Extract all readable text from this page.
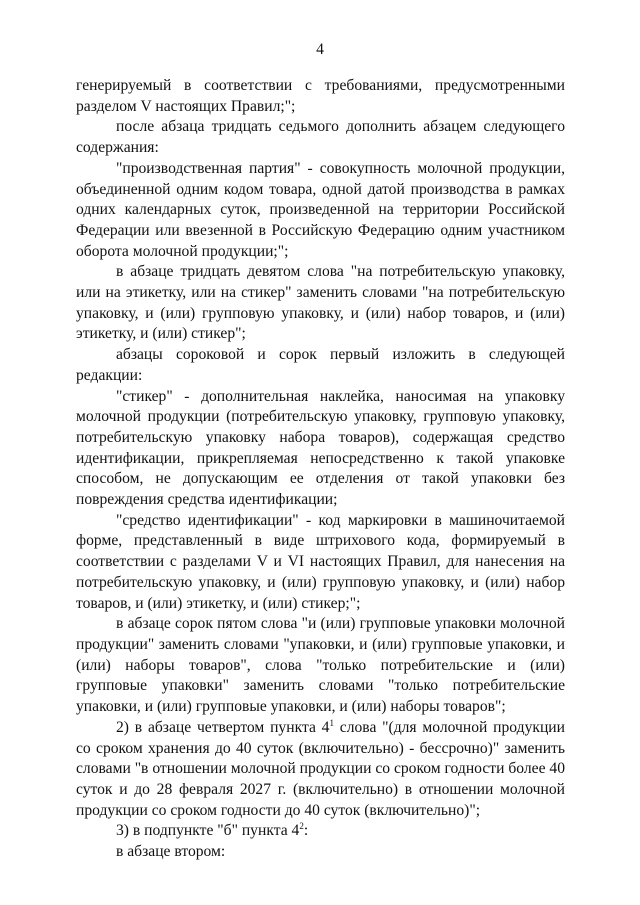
4

генерируемый в соответствии с требованиями, предусмотренными разделом V настоящих Правил;";

после абзаца тридцать седьмого дополнить абзацем следующего содержания:

"производственная партия" - совокупность молочной продукции, объединенной одним кодом товара, одной датой производства в рамках одних календарных суток, произведенной на территории Российской Федерации или ввезенной в Российскую Федерацию одним участником оборота молочной продукции;";

в абзаце тридцать девятом слова "на потребительскую упаковку, или на этикетку, или на стикер" заменить словами "на потребительскую упаковку, и (или) групповую упаковку, и (или) набор товаров, и (или) этикетку, и (или) стикер";

абзацы сороковой и сорок первый изложить в следующей редакции:

"стикер" - дополнительная наклейка, наносимая на упаковку молочной продукции (потребительскую упаковку, групповую упаковку, потребительскую упаковку набора товаров), содержащая средство идентификации, прикрепляемая непосредственно к такой упаковке способом, не допускающим ее отделения от такой упаковки без повреждения средства идентификации;

"средство идентификации" - код маркировки в машиночитаемой форме, представленный в виде штрихового кода, формируемый в соответствии с разделами V и VI настоящих Правил, для нанесения на потребительскую упаковку, и (или) групповую упаковку, и (или) набор товаров, и (или) этикетку, и (или) стикер;";

в абзаце сорок пятом слова "и (или) групповые упаковки молочной продукции" заменить словами "упаковки, и (или) групповые упаковки, и (или) наборы товаров", слова "только потребительские и (или) групповые упаковки" заменить словами "только потребительские упаковки, и (или) групповые упаковки, и (или) наборы товаров";

2) в абзаце четвертом пункта $4^1$ слова "(для молочной продукции со сроком хранения до 40 суток (включительно) - бессрочно)" заменить словами "в отношении молочной продукции со сроком годности более 40 суток и до 28 февраля 2027 г. (включительно) в отношении молочной продукции со сроком годности до 40 суток (включительно)";

3) в подпункте "б" пункта $4^2$:

в абзаце втором:
